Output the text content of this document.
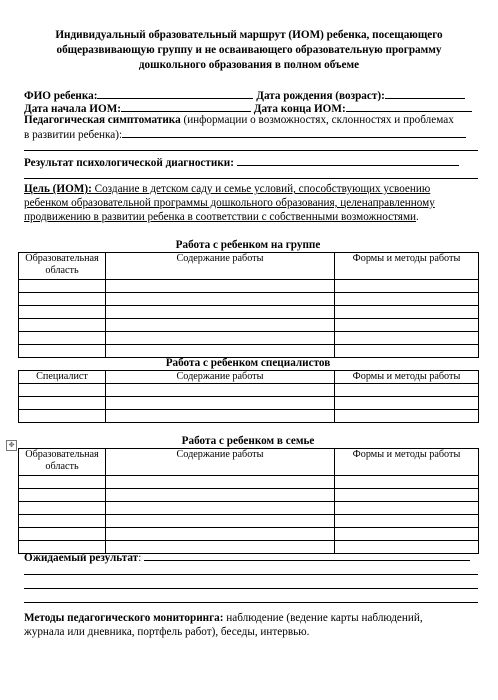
Индивидуальный образовательный маршрут (ИОМ) ребенка, посещающего
общеразвивающую группу и не осваивающего образовательную программу
дошкольного образования в полном объеме
ФИО ребенка:	Дата рождения (возраст):
Дата начала ИОМ:	Дата конца ИОМ:
Педагогическая симптоматика (информации о возможностях, склонностях и проблемах
в развитии ребенка):
Результат психологической диагностики:
Цель (ИОМ): Создание в детском саду и семье условий, способствующих усвоению
ребенком образовательной программы дошкольного образования, целенаправленному
продвижению в развитии ребенка в соответствии с собственными возможностями.
Работа с ребенком на группе
Образовательная область	Содержание работы	Формы и методы работы

Работа с ребенком специалистов
Специалист	Содержание работы	Формы и методы работы

✥	Работа с ребенком в семье
Образовательная область	Содержание работы	Формы и методы работы

Ожидаемый результат:
Методы педагогического мониторинга: наблюдение (ведение карты наблюдений,
журнала или дневника, портфель работ), беседы, интервью.
